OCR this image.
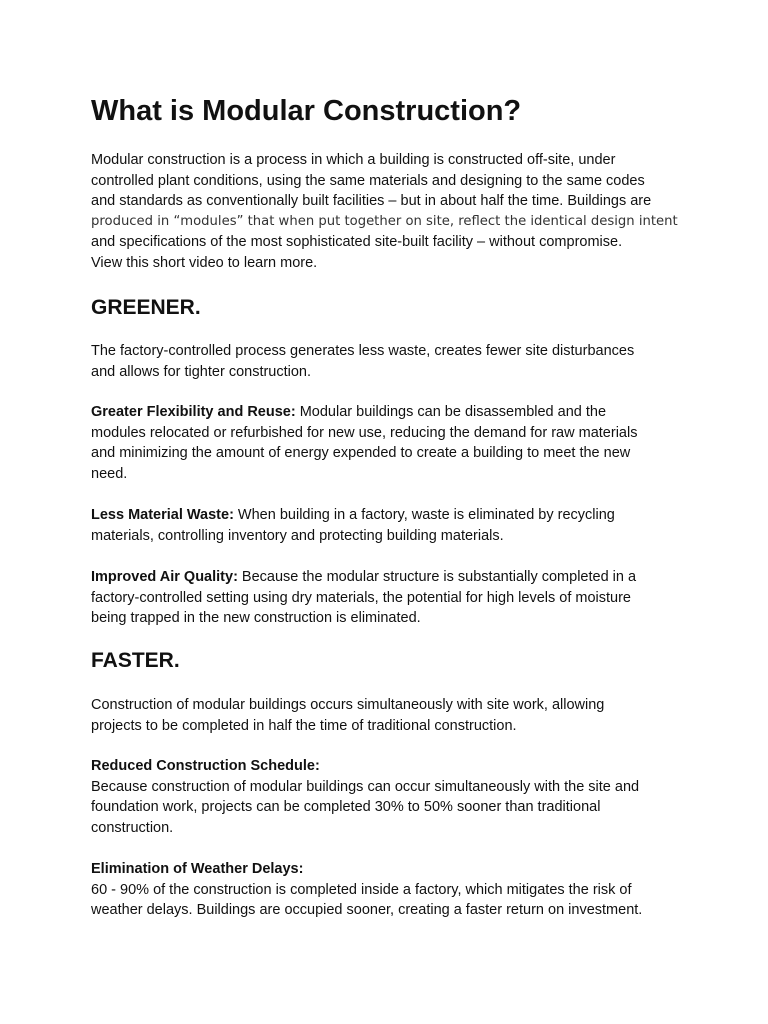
What is Modular Construction?
Modular construction is a process in which a building is constructed off-site, under
controlled plant conditions, using the same materials and designing to the same codes
and standards as conventionally built facilities – but in about half the time. Buildings are
produced in “modules” that when put together on site, reflect the identical design intent
and specifications of the most sophisticated site-built facility – without compromise.
View this short video to learn more.
GREENER.
The factory-controlled process generates less waste, creates fewer site disturbances
and allows for tighter construction.
Greater Flexibility and Reuse: Modular buildings can be disassembled and the
modules relocated or refurbished for new use, reducing the demand for raw materials
and minimizing the amount of energy expended to create a building to meet the new
need.
Less Material Waste: When building in a factory, waste is eliminated by recycling
materials, controlling inventory and protecting building materials.
Improved Air Quality: Because the modular structure is substantially completed in a
factory-controlled setting using dry materials, the potential for high levels of moisture
being trapped in the new construction is eliminated.
FASTER.
Construction of modular buildings occurs simultaneously with site work, allowing
projects to be completed in half the time of traditional construction.
Reduced Construction Schedule:
Because construction of modular buildings can occur simultaneously with the site and
foundation work, projects can be completed 30% to 50% sooner than traditional
construction.
Elimination of Weather Delays:
60 - 90% of the construction is completed inside a factory, which mitigates the risk of
weather delays. Buildings are occupied sooner, creating a faster return on investment.
